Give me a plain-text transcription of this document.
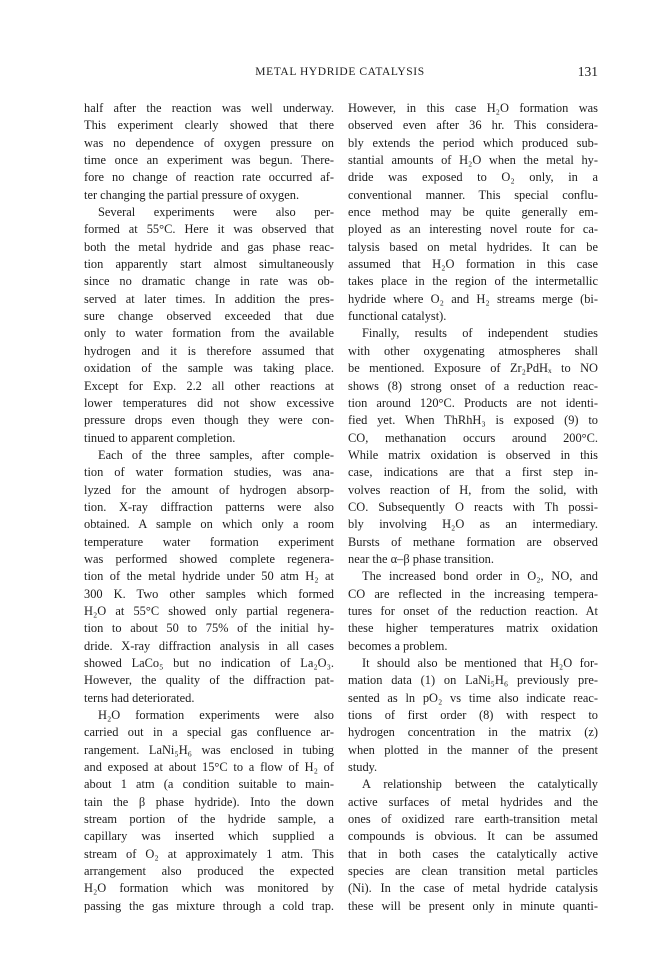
METAL HYDRIDE CATALYSIS	131
half after the reaction was well underway.
This experiment clearly showed that there
was no dependence of oxygen pressure on
time once an experiment was begun. There-
fore no change of reaction rate occurred af-
ter changing the partial pressure of oxygen.
Several experiments were also per-
formed at 55°C. Here it was observed that
both the metal hydride and gas phase reac-
tion apparently start almost simultaneously
since no dramatic change in rate was ob-
served at later times. In addition the pres-
sure change observed exceeded that due
only to water formation from the available
hydrogen and it is therefore assumed that
oxidation of the sample was taking place.
Except for Exp. 2.2 all other reactions at
lower temperatures did not show excessive
pressure drops even though they were con-
tinued to apparent completion.
Each of the three samples, after comple-
tion of water formation studies, was ana-
lyzed for the amount of hydrogen absorp-
tion. X-ray diffraction patterns were also
obtained. A sample on which only a room
temperature water formation experiment
was performed showed complete regenera-
tion of the metal hydride under 50 atm H₂ at
300 K. Two other samples which formed
H₂O at 55°C showed only partial regenera-
tion to about 50 to 75% of the initial hy-
dride. X-ray diffraction analysis in all cases
showed LaCo₅ but no indication of La₂O₃.
However, the quality of the diffraction pat-
terns had deteriorated.
H₂O formation experiments were also
carried out in a special gas confluence ar-
rangement. LaNi₅H₆ was enclosed in tubing
and exposed at about 15°C to a flow of H₂ of
about 1 atm (a condition suitable to main-
tain the β phase hydride). Into the down
stream portion of the hydride sample, a
capillary was inserted which supplied a
stream of O₂ at approximately 1 atm. This
arrangement also produced the expected
H₂O formation which was monitored by
passing the gas mixture through a cold trap.
However, in this case H₂O formation was
observed even after 36 hr. This considera-
bly extends the period which produced sub-
stantial amounts of H₂O when the metal hy-
dride was exposed to O₂ only, in a
conventional manner. This special conflu-
ence method may be quite generally em-
ployed as an interesting novel route for ca-
talysis based on metal hydrides. It can be
assumed that H₂O formation in this case
takes place in the region of the intermetallic
hydride where O₂ and H₂ streams merge (bi-
functional catalyst).
Finally, results of independent studies
with other oxygenating atmospheres shall
be mentioned. Exposure of Zr₂PdHₓ to NO
shows (8) strong onset of a reduction reac-
tion around 120°C. Products are not identi-
fied yet. When ThRhH₃ is exposed (9) to
CO, methanation occurs around 200°C.
While matrix oxidation is observed in this
case, indications are that a first step in-
volves reaction of H, from the solid, with
CO. Subsequently O reacts with Th possi-
bly involving H₂O as an intermediary.
Bursts of methane formation are observed
near the α–β phase transition.
The increased bond order in O₂, NO, and
CO are reflected in the increasing tempera-
tures for onset of the reduction reaction. At
these higher temperatures matrix oxidation
becomes a problem.
It should also be mentioned that H₂O for-
mation data (1) on LaNi₅H₆ previously pre-
sented as ln pO₂ vs time also indicate reac-
tions of first order (8) with respect to
hydrogen concentration in the matrix (z)
when plotted in the manner of the present
study.
A relationship between the catalytically
active surfaces of metal hydrides and the
ones of oxidized rare earth-transition metal
compounds is obvious. It can be assumed
that in both cases the catalytically active
species are clean transition metal particles
(Ni). In the case of metal hydride catalysis
these will be present only in minute quanti-
